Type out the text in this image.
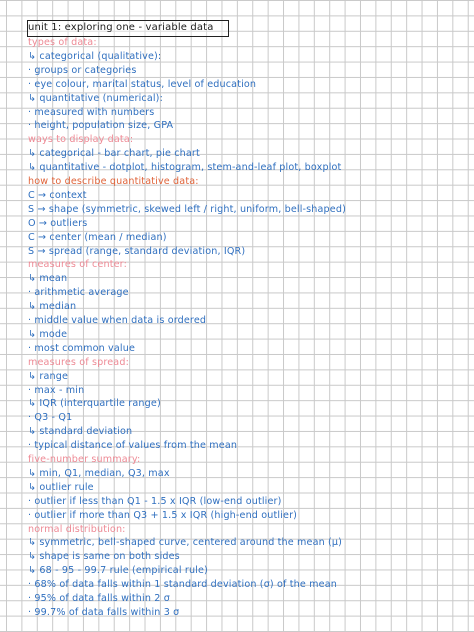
unit 1: exploring one - variable data
types of data:
↳ categorical (qualitative):
· groups or categories
· eye colour, marital status, level of education
↳ quantitative (numerical):
· measured with numbers
· height, population size, GPA
ways to display data:
↳ categorical - bar chart, pie chart
↳ quantitative - dotplot, histogram, stem-and-leaf plot, boxplot
how to describe quantitative data:
C → context
S → shape (symmetric, skewed left / right, uniform, bell-shaped)
O → outliers
C → center (mean / median)
S → spread (range, standard deviation, IQR)
measures of center:
↳ mean
· arithmetic average
↳ median
· middle value when data is ordered
↳ mode
· most common value
measures of spread:
↳ range
· max - min
↳ IQR (interquartile range)
· Q3 - Q1
↳ standard deviation
· typical distance of values from the mean
five-number summary:
↳ min, Q1, median, Q3, max
↳ outlier rule
· outlier if less than Q1 - 1.5 x IQR (low-end outlier)
· outlier if more than Q3 + 1.5 x IQR (high-end outlier)
normal distribution:
↳ symmetric, bell-shaped curve, centered around the mean (μ)
↳ shape is same on both sides
↳ 68 - 95 - 99.7 rule (empirical rule)
· 68% of data falls within 1 standard deviation (σ) of the mean
· 95% of data falls within 2 σ
· 99.7% of data falls within 3 σ
